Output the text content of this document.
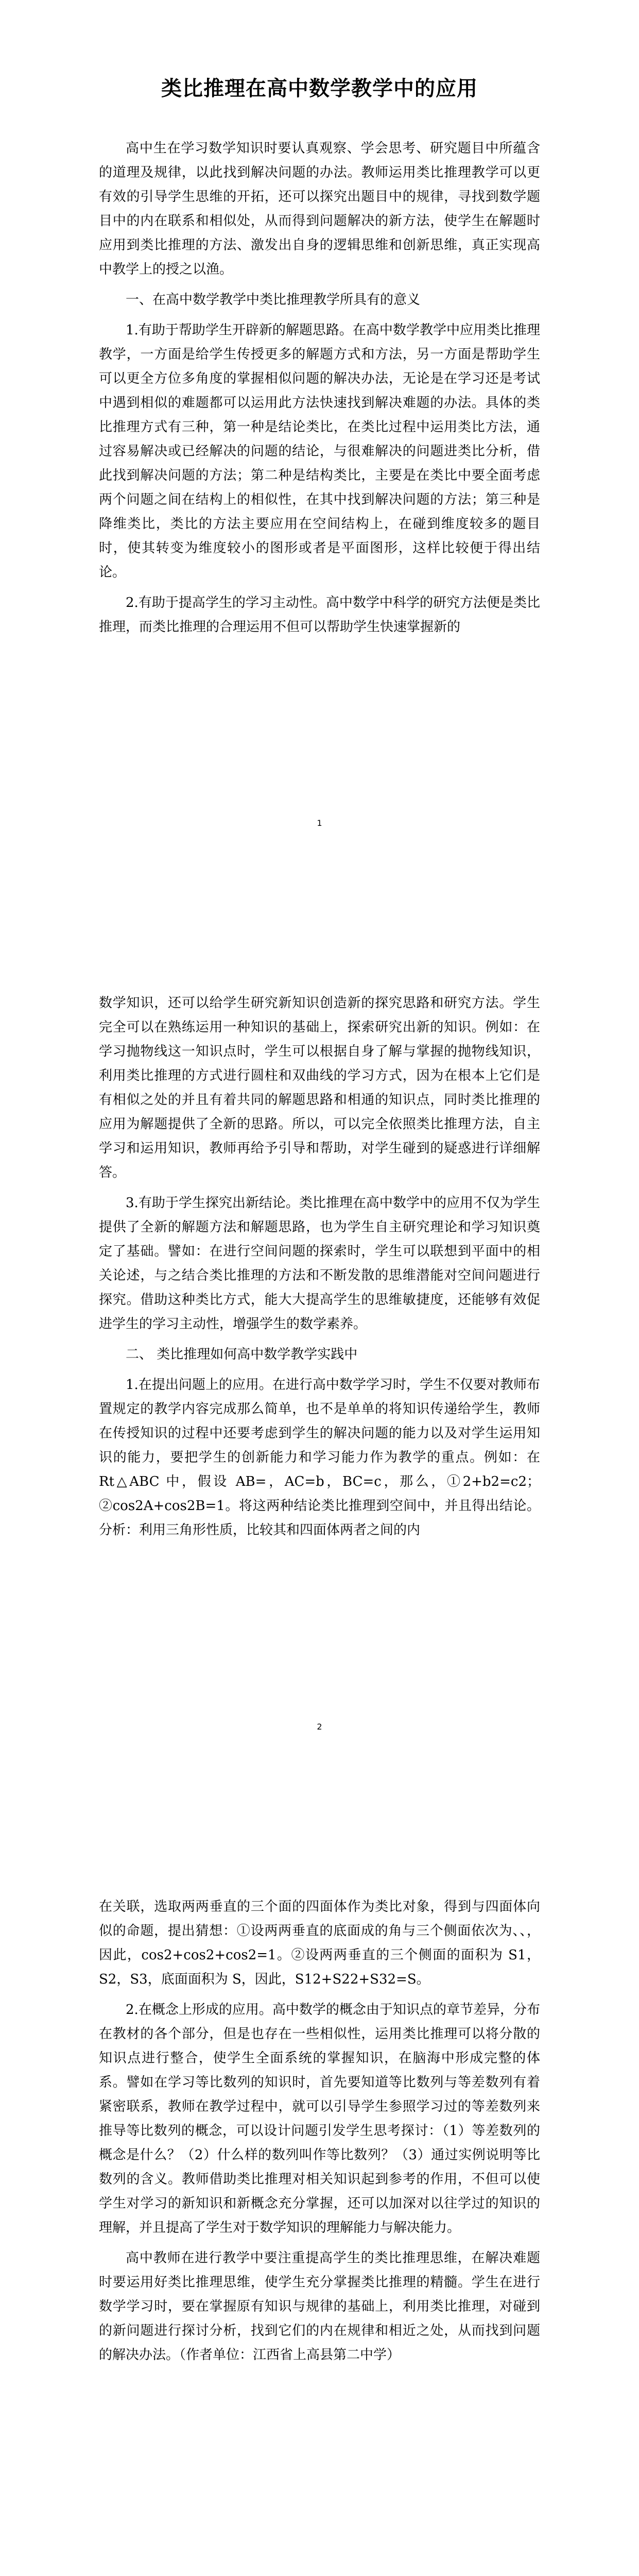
类比推理在高中数学教学中的应用

高中生在学习数学知识时要认真观察、学会思考、研究题目中所蕴含的道理及规律，以此找到解决问题的办法。教师运用类比推理教学可以更有效的引导学生思维的开拓，还可以探究出题目中的规律，寻找到数学题目中的内在联系和相似处，从而得到问题解决的新方法，使学生在解题时应用到类比推理的方法、激发出自身的逻辑思维和创新思维，真正实现高中教学上的授之以渔。

一、在高中数学教学中类比推理教学所具有的意义

1.有助于帮助学生开辟新的解题思路。在高中数学教学中应用类比推理教学，一方面是给学生传授更多的解题方式和方法，另一方面是帮助学生可以更全方位多角度的掌握相似问题的解决办法，无论是在学习还是考试中遇到相似的难题都可以运用此方法快速找到解决难题的办法。具体的类比推理方式有三种，第一种是结论类比，在类比过程中运用类比方法，通过容易解决或已经解决的问题的结论，与很难解决的问题进类比分析，借此找到解决问题的方法；第二种是结构类比，主要是在类比中要全面考虑两个问题之间在结构上的相似性，在其中找到解决问题的方法；第三种是降维类比，类比的方法主要应用在空间结构上，在碰到维度较多的题目时，使其转变为维度较小的图形或者是平面图形，这样比较便于得出结论。

2.有助于提高学生的学习主动性。高中数学中科学的研究方法便是类比推理，而类比推理的合理运用不但可以帮助学生快速掌握新的

1

数学知识，还可以给学生研究新知识创造新的探究思路和研究方法。学生完全可以在熟练运用一种知识的基础上，探索研究出新的知识。例如：在学习抛物线这一知识点时，学生可以根据自身了解与掌握的抛物线知识，利用类比推理的方式进行圆柱和双曲线的学习方式，因为在根本上它们是有相似之处的并且有着共同的解题思路和相通的知识点，同时类比推理的应用为解题提供了全新的思路。所以，可以完全依照类比推理方法，自主学习和运用知识，教师再给予引导和帮助，对学生碰到的疑惑进行详细解答。

3.有助于学生探究出新结论。类比推理在高中数学中的应用不仅为学生提供了全新的解题方法和解题思路，也为学生自主研究理论和学习知识奠定了基础。譬如：在进行空间问题的探索时，学生可以联想到平面中的相关论述，与之结合类比推理的方法和不断发散的思维潜能对空间问题进行探究。借助这种类比方式，能大大提高学生的思维敏捷度，还能够有效促进学生的学习主动性，增强学生的数学素养。

二、 类比推理如何高中数学教学实践中

1.在提出问题上的应用。在进行高中数学学习时，学生不仅要对教师布置规定的教学内容完成那么简单，也不是单单的将知识传递给学生，教师在传授知识的过程中还要考虑到学生的解决问题的能力以及对学生运用知识的能力，要把学生的创新能力和学习能力作为教学的重点。例如：在 Rt△ABC 中，假设 AB=，AC=b，BC=c，那么，①2+b2=c2；②cos2A+cos2B=1。将这两种结论类比推理到空间中，并且得出结论。分析：利用三角形性质，比较其和四面体两者之间的内

2

在关联，选取两两垂直的三个面的四面体作为类比对象，得到与四面体向似的命题，提出猜想：①设两两垂直的底面成的角与三个侧面依次为、、，因此，cos2+cos2+cos2=1。②设两两垂直的三个侧面的面积为 S1，S2，S3，底面面积为 S，因此，S12+S22+S32=S。

2.在概念上形成的应用。高中数学的概念由于知识点的章节差异，分布在教材的各个部分，但是也存在一些相似性，运用类比推理可以将分散的知识点进行整合，使学生全面系统的掌握知识，在脑海中形成完整的体系。譬如在学习等比数列的知识时，首先要知道等比数列与等差数列有着紧密联系，教师在教学过程中，就可以引导学生参照学习过的等差数列来推导等比数列的概念，可以设计问题引发学生思考探讨：（1）等差数列的概念是什么？（2）什么样的数列叫作等比数列？（3）通过实例说明等比数列的含义。教师借助类比推理对相关知识起到参考的作用，不但可以使学生对学习的新知识和新概念充分掌握，还可以加深对以往学过的知识的理解，并且提高了学生对于数学知识的理解能力与解决能力。

高中教师在进行教学中要注重提高学生的类比推理思维，在解决难题时要运用好类比推理思维，使学生充分掌握类比推理的精髓。学生在进行数学学习时，要在掌握原有知识与规律的基础上，利用类比推理，对碰到的新问题进行探讨分析，找到它们的内在规律和相近之处，从而找到问题的解决办法。（作者单位：江西省上高县第二中学）
